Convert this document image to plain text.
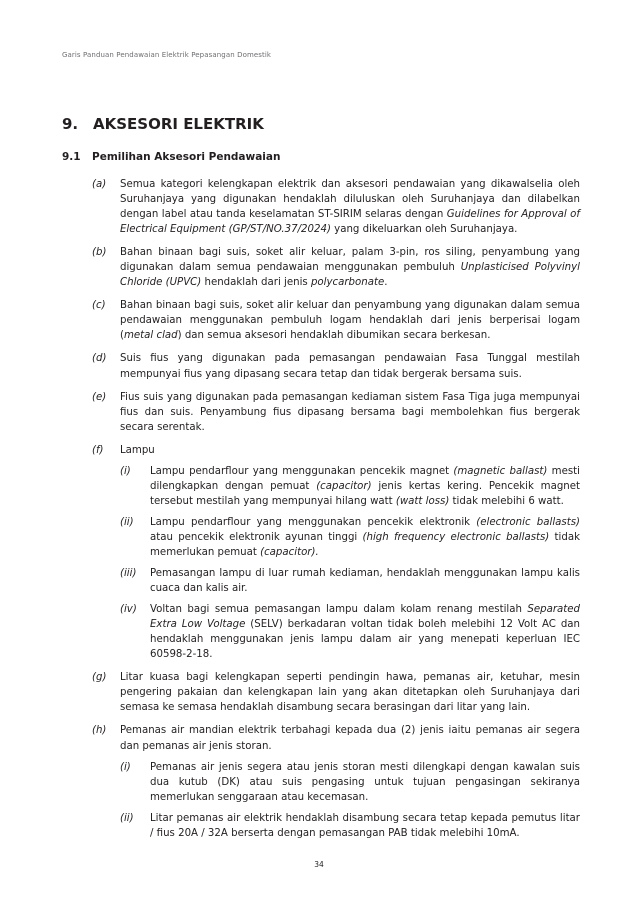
Garis Panduan Pendawaian Elektrik Pepasangan Domestik
9. AKSESORI ELEKTRIK
9.1 Pemilihan Aksesori Pendawaian
(a) Semua kategori kelengkapan elektrik dan aksesori pendawaian yang dikawalselia oleh Suruhanjaya yang digunakan hendaklah diluluskan oleh Suruhanjaya dan dilabelkan dengan label atau tanda keselamatan ST-SIRIM selaras dengan Guidelines for Approval of Electrical Equipment (GP/ST/NO.37/2024) yang dikeluarkan oleh Suruhanjaya.
(b) Bahan binaan bagi suis, soket alir keluar, palam 3-pin, ros siling, penyambung yang digunakan dalam semua pendawaian menggunakan pembuluh Unplasticised Polyvinyl Chloride (UPVC) hendaklah dari jenis polycarbonate.
(c) Bahan binaan bagi suis, soket alir keluar dan penyambung yang digunakan dalam semua pendawaian menggunakan pembuluh logam hendaklah dari jenis berperisai logam (metal clad) dan semua aksesori hendaklah dibumikan secara berkesan.
(d) Suis fius yang digunakan pada pemasangan pendawaian Fasa Tunggal mestilah mempunyai fius yang dipasang secara tetap dan tidak bergerak bersama suis.
(e) Fius suis yang digunakan pada pemasangan kediaman sistem Fasa Tiga juga mempunyai fius dan suis. Penyambung fius dipasang bersama bagi membolehkan fius bergerak secara serentak.
(f) Lampu
(i) Lampu pendarflour yang menggunakan pencekik magnet (magnetic ballast) mesti dilengkapkan dengan pemuat (capacitor) jenis kertas kering. Pencekik magnet tersebut mestilah yang mempunyai hilang watt (watt loss) tidak melebihi 6 watt.
(ii) Lampu pendarflour yang menggunakan pencekik elektronik (electronic ballasts) atau pencekik elektronik ayunan tinggi (high frequency electronic ballasts) tidak memerlukan pemuat (capacitor).
(iii) Pemasangan lampu di luar rumah kediaman, hendaklah menggunakan lampu kalis cuaca dan kalis air.
(iv) Voltan bagi semua pemasangan lampu dalam kolam renang mestilah Separated Extra Low Voltage (SELV) berkadaran voltan tidak boleh melebihi 12 Volt AC dan hendaklah menggunakan jenis lampu dalam air yang menepati keperluan IEC 60598-2-18.
(g) Litar kuasa bagi kelengkapan seperti pendingin hawa, pemanas air, ketuhar, mesin pengering pakaian dan kelengkapan lain yang akan ditetapkan oleh Suruhanjaya dari semasa ke semasa hendaklah disambung secara berasingan dari litar yang lain.
(h) Pemanas air mandian elektrik terbahagi kepada dua (2) jenis iaitu pemanas air segera dan pemanas air jenis storan.
(i) Pemanas air jenis segera atau jenis storan mesti dilengkapi dengan kawalan suis dua kutub (DK) atau suis pengasing untuk tujuan pengasingan sekiranya memerlukan senggaraan atau kecemasan.
(ii) Litar pemanas air elektrik hendaklah disambung secara tetap kepada pemutus litar / fius 20A / 32A berserta dengan pemasangan PAB tidak melebihi 10mA.
34
